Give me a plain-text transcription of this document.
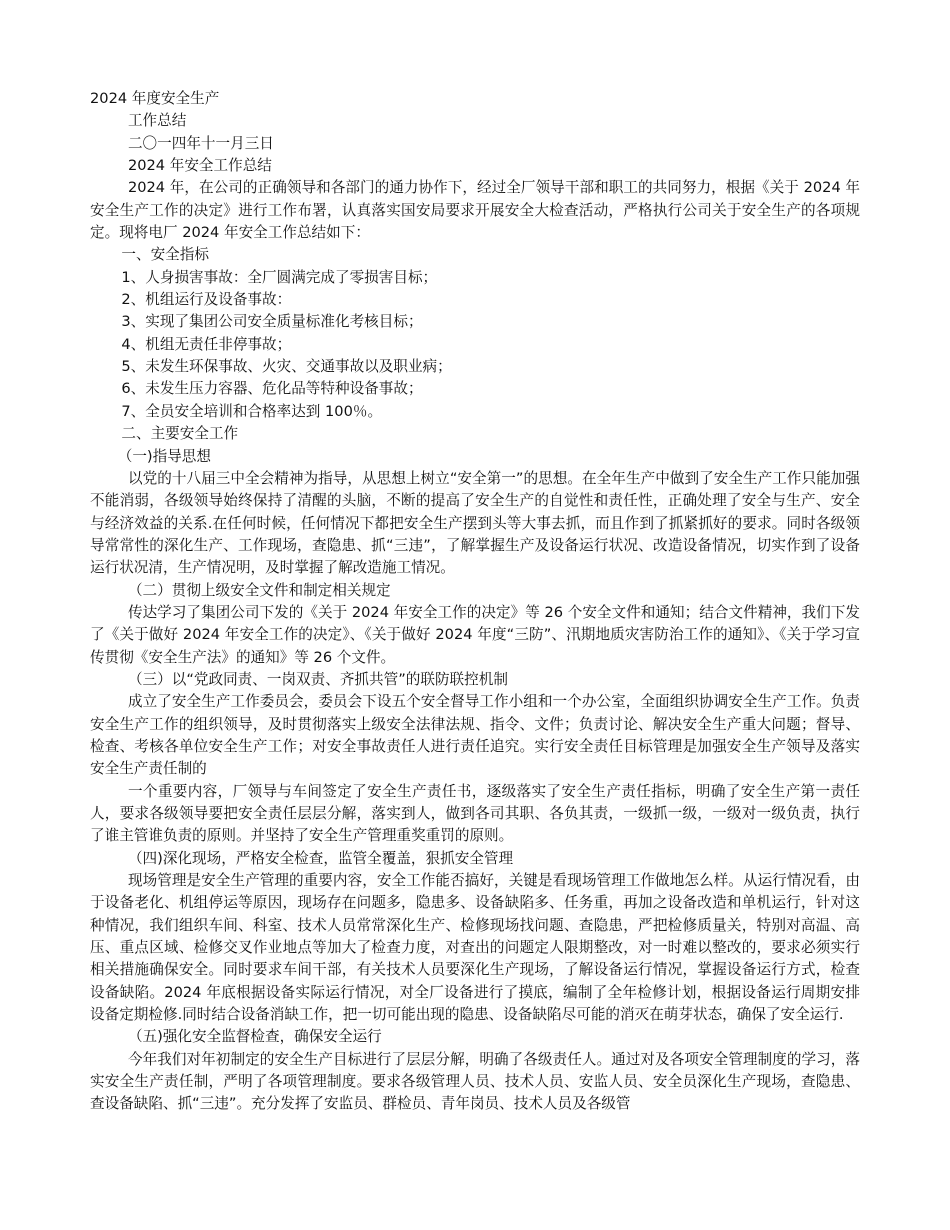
2024 年度安全生产

工作总结

二〇一四年十一月三日

2024 年安全工作总结

2024 年，在公司的正确领导和各部门的通力协作下，经过全厂领导干部和职工的共同努力，根据《关于 2024 年安全生产工作的决定》进行工作布署，认真落实国安局要求开展安全大检查活动，严格执行公司关于安全生产的各项规定。现将电厂 2024 年安全工作总结如下：

一、安全指标

1、人身损害事故：全厂圆满完成了零损害目标；

2、机组运行及设备事故：

3、实现了集团公司安全质量标准化考核目标；

4、机组无责任非停事故；

5、未发生环保事故、火灾、交通事故以及职业病；

6、未发生压力容器、危化品等特种设备事故；

7、全员安全培训和合格率达到 100％。

二、主要安全工作

（一)指导思想

以党的十八届三中全会精神为指导，从思想上树立“安全第一”的思想。在全年生产中做到了安全生产工作只能加强不能消弱，各级领导始终保持了清醒的头脑，不断的提高了安全生产的自觉性和责任性，正确处理了安全与生产、安全与经济效益的关系.在任何时候，任何情况下都把安全生产摆到头等大事去抓，而且作到了抓紧抓好的要求。同时各级领导常常性的深化生产、工作现场，查隐患、抓“三违”，了解掌握生产及设备运行状况、改造设备情况，切实作到了设备运行状况清，生产情况明，及时掌握了解改造施工情况。

（二）贯彻上级安全文件和制定相关规定

传达学习了集团公司下发的《关于 2024 年安全工作的决定》等 26 个安全文件和通知；结合文件精神，我们下发了《关于做好 2024 年安全工作的决定》、《关于做好 2024 年度“三防”、汛期地质灾害防治工作的通知》、《关于学习宣传贯彻《安全生产法》的通知》等 26 个文件。

（三）以“党政同责、一岗双责、齐抓共管”的联防联控机制

成立了安全生产工作委员会，委员会下设五个安全督导工作小组和一个办公室，全面组织协调安全生产工作。负责安全生产工作的组织领导，及时贯彻落实上级安全法律法规、指令、文件；负责讨论、解决安全生产重大问题；督导、检查、考核各单位安全生产工作；对安全事故责任人进行责任追究。实行安全责任目标管理是加强安全生产领导及落实安全生产责任制的

一个重要内容，厂领导与车间签定了安全生产责任书，逐级落实了安全生产责任指标，明确了安全生产第一责任人，要求各级领导要把安全责任层层分解，落实到人，做到各司其职、各负其责，一级抓一级，一级对一级负责，执行了谁主管谁负责的原则。并坚持了安全生产管理重奖重罚的原则。

（四)深化现场，严格安全检查，监管全覆盖，狠抓安全管理

现场管理是安全生产管理的重要内容，安全工作能否搞好，关键是看现场管理工作做地怎么样。从运行情况看，由于设备老化、机组停运等原因，现场存在问题多，隐患多、设备缺陷多、任务重，再加之设备改造和单机运行，针对这种情况，我们组织车间、科室、技术人员常常深化生产、检修现场找问题、查隐患，严把检修质量关，特别对高温、高压、重点区域、检修交叉作业地点等加大了检查力度，对查出的问题定人限期整改，对一时难以整改的，要求必须实行相关措施确保安全。同时要求车间干部，有关技术人员要深化生产现场，了解设备运行情况，掌握设备运行方式，检查设备缺陷。2024 年底根据设备实际运行情况，对全厂设备进行了摸底，编制了全年检修计划，根据设备运行周期安排设备定期检修.同时结合设备消缺工作，把一切可能出现的隐患、设备缺陷尽可能的消灭在萌芽状态，确保了安全运行.

（五)强化安全监督检查，确保安全运行

今年我们对年初制定的安全生产目标进行了层层分解，明确了各级责任人。通过对及各项安全管理制度的学习，落实安全生产责任制，严明了各项管理制度。要求各级管理人员、技术人员、安监人员、安全员深化生产现场，查隐患、查设备缺陷、抓“三违”。充分发挥了安监员、群检员、青年岗员、技术人员及各级管
